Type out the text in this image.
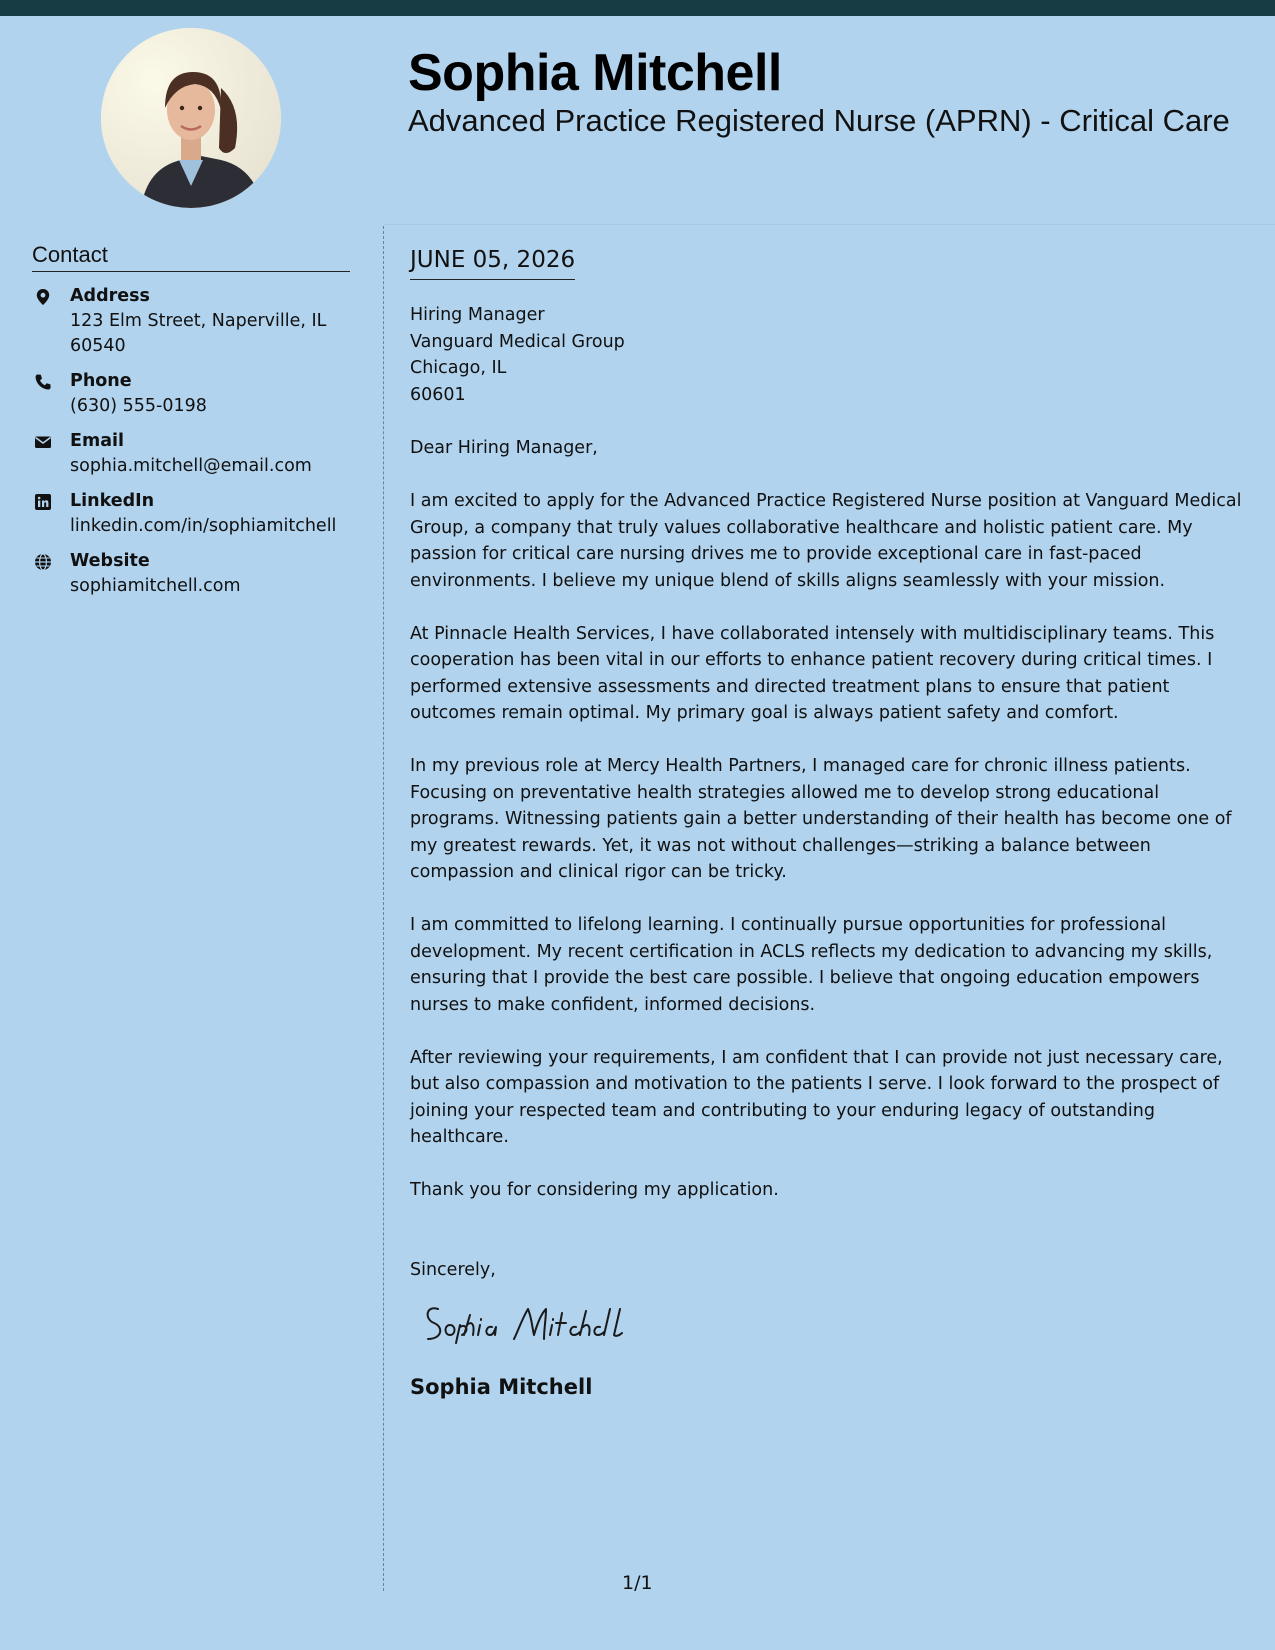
Sophia Mitchell
Advanced Practice Registered Nurse (APRN) - Critical Care
Contact
Address
123 Elm Street, Naperville, IL 60540
Phone
(630) 555-0198
Email
sophia.mitchell@email.com
LinkedIn
linkedin.com/in/sophiamitchell
Website
sophiamitchell.com
JUNE 05, 2026
Hiring Manager
Vanguard Medical Group
Chicago, IL
60601
Dear Hiring Manager,

I am excited to apply for the Advanced Practice Registered Nurse position at Vanguard Medical Group, a company that truly values collaborative healthcare and holistic patient care. My passion for critical care nursing drives me to provide exceptional care in fast-paced environments. I believe my unique blend of skills aligns seamlessly with your mission.

At Pinnacle Health Services, I have collaborated intensely with multidisciplinary teams. This cooperation has been vital in our efforts to enhance patient recovery during critical times. I performed extensive assessments and directed treatment plans to ensure that patient outcomes remain optimal. My primary goal is always patient safety and comfort.

In my previous role at Mercy Health Partners, I managed care for chronic illness patients. Focusing on preventative health strategies allowed me to develop strong educational programs. Witnessing patients gain a better understanding of their health has become one of my greatest rewards. Yet, it was not without challenges—striking a balance between compassion and clinical rigor can be tricky.

I am committed to lifelong learning. I continually pursue opportunities for professional development. My recent certification in ACLS reflects my dedication to advancing my skills, ensuring that I provide the best care possible. I believe that ongoing education empowers nurses to make confident, informed decisions.

After reviewing your requirements, I am confident that I can provide not just necessary care, but also compassion and motivation to the patients I serve. I look forward to the prospect of joining your respected team and contributing to your enduring legacy of outstanding healthcare.

Thank you for considering my application.

Sincerely,
Sophia Mitchell
1/1
